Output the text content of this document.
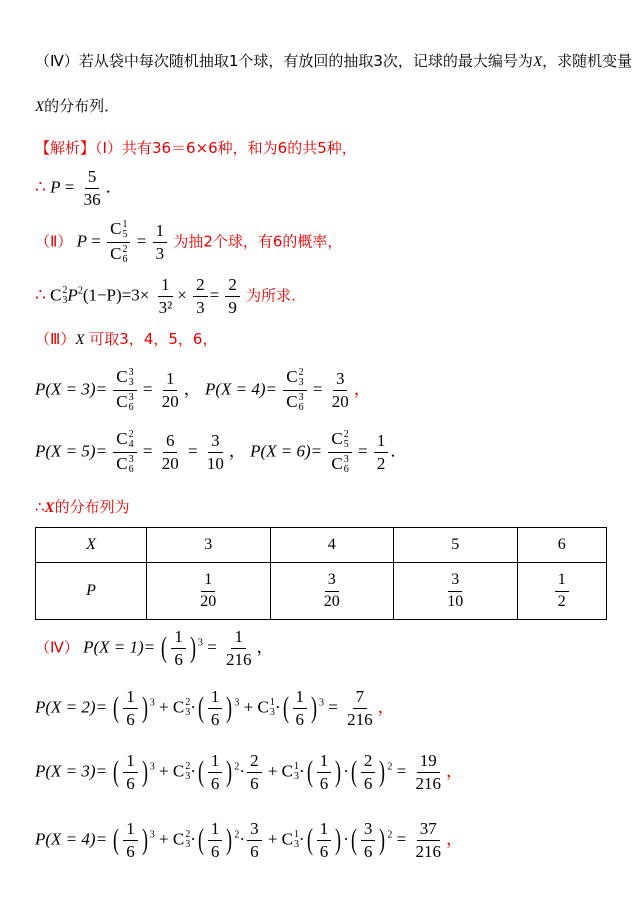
（Ⅳ）若从袋中每次随机抽取1个球，有放回的抽取3次，记球的最大编号为X，求随机变量
X的分布列．
【解析】（Ⅰ）共有36＝6×6种，和为6的共5种，
∴ $P = \frac{5}{36}$ ．
（Ⅱ） P = C 1
5
C 2
$6 = \frac{1}{3}$ 为抽2个球，有6的概率，
∴ C 2
3 $P^2(1-P)=3\times \frac{1}{\text{3²}} \times \frac{2}{3} = \frac{2}{9}$ 为所求.
（Ⅲ）X 可取3，4，5，6，
P(X = 3)= C 3
3
C 3
$6 = \frac{1}{20}$ ， P(X = 4)= C 2
3
C 3
$6 = \frac{3}{20}$ ，
P(X = 5)= C 2
4
C 3
$6 = \frac{6}{20} = \frac{3}{10}$ ， P(X = 6)= C 2
5
C 3
$6 = \frac{1}{2}$ ．
∴X的分布列为
X	3	4	5	6
P	$\frac{1}{20}$	$\frac{3}{20}$	$\frac{3}{10}$	$\frac{1}{2}$
（Ⅳ） P(X = 1)= ( $\frac{1}{6}$ ) $^3 = \frac{1}{216}$ ，
P(X = 2)= ( $\frac{1}{6}$ ) $^3$ + C 2
3 ·( $\frac{1}{6}$ ) $^3$ + C 1
3 ·( $\frac{1}{6}$ ) $^3 = \frac{7}{216}$ ，
P(X = 3)= ( $\frac{1}{6}$ ) $^3$ + C 2
3 ·( $\frac{1}{6}$ ) $^2\cdot \frac{2}{6} + C$ 1
3 ·( $\frac{1}{6}$ ) ·( $\frac{2}{6}$ ) $^2 = \frac{19}{216}$ ，
P(X = 4)= ( $\frac{1}{6}$ ) $^3$ + C 2
3 ·( $\frac{1}{6}$ ) $^2\cdot \frac{3}{6} + C$ 1
3 ·( $\frac{1}{6}$ ) ·( $\frac{3}{6}$ ) $^2 = \frac{37}{216}$ ，
